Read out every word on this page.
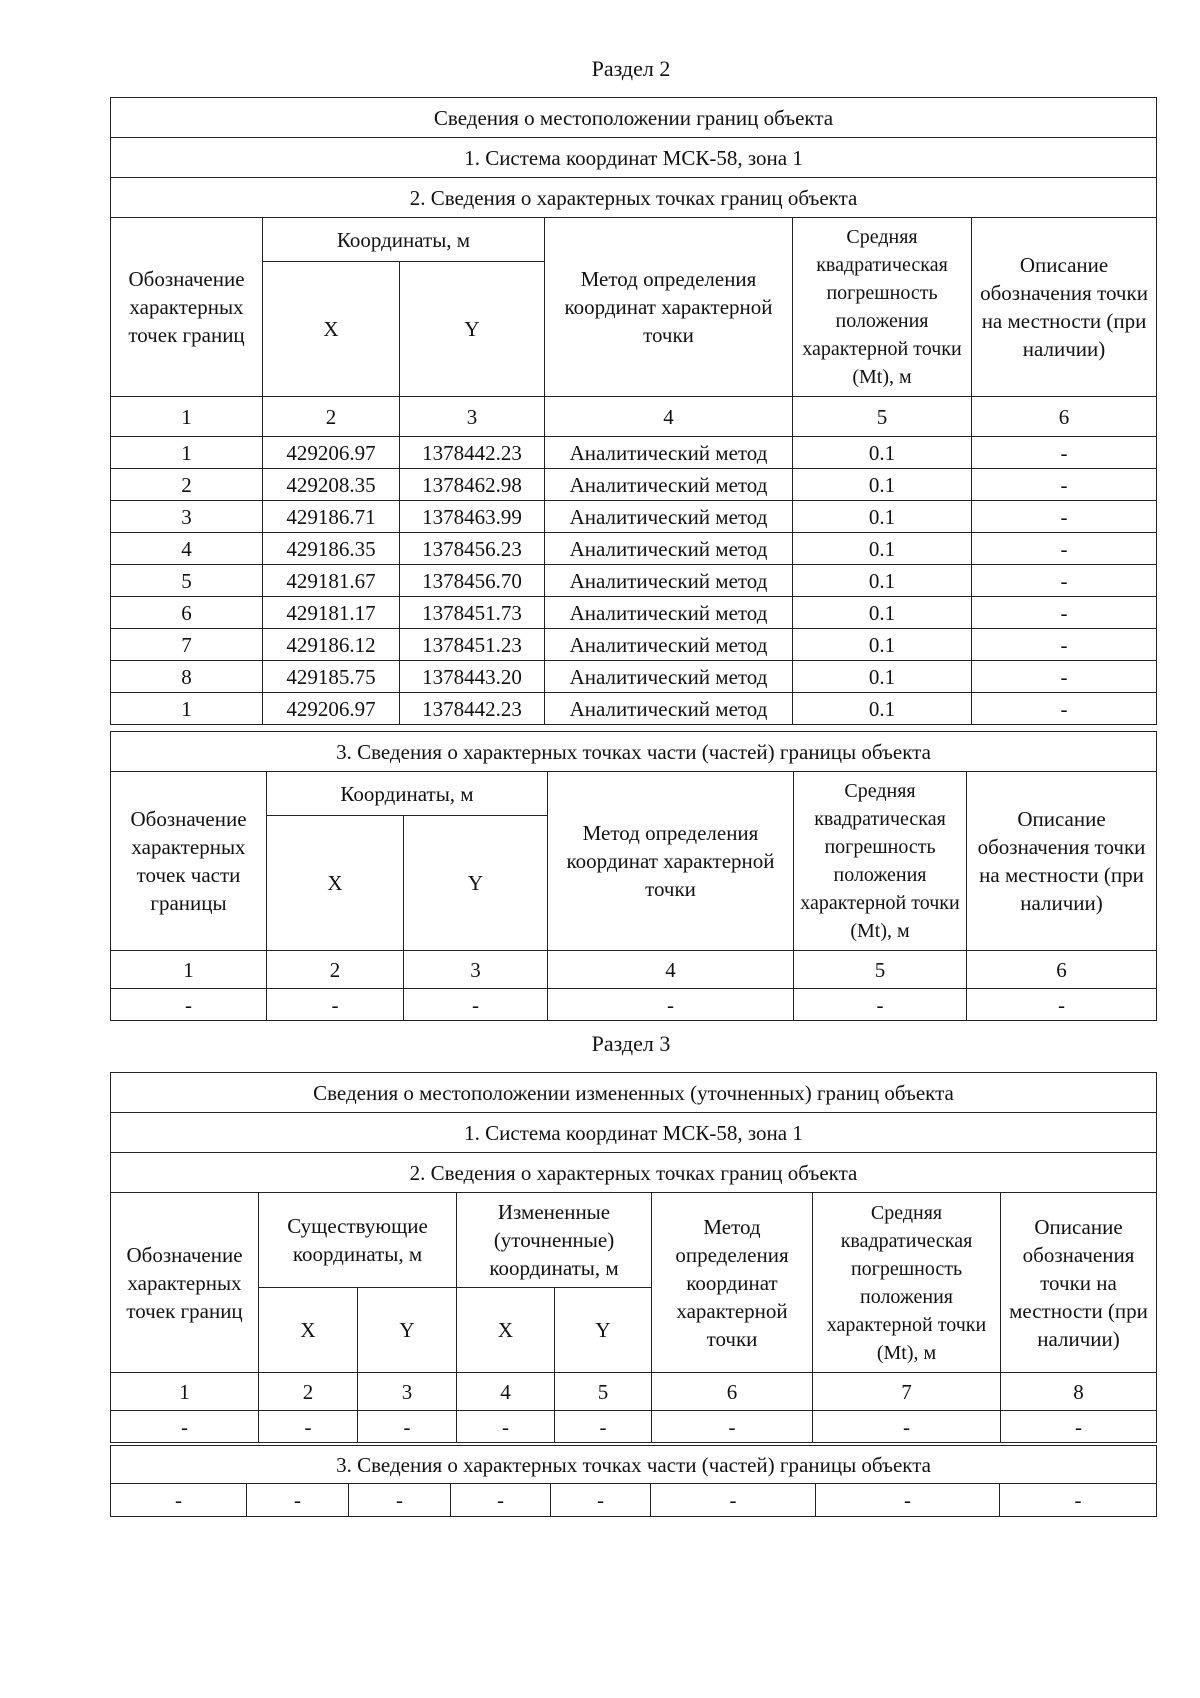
Раздел 2
Сведения о местоположении границ объекта					
1. Система координат МСК-58, зона 1					
2. Сведения о характерных точках границ объекта					
Обозначение характерных точек границ	Координаты, м		Метод определения координат характерной точки	Средняя квадратическая погрешность положения характерной точки (Mt), м	Описание обозначения точки на местности (при наличии)
	X	Y			
1	2	3	4	5	6
1	429206.97	1378442.23	Аналитический метод	0.1	-
2	429208.35	1378462.98	Аналитический метод	0.1	-
3	429186.71	1378463.99	Аналитический метод	0.1	-
4	429186.35	1378456.23	Аналитический метод	0.1	-
5	429181.67	1378456.70	Аналитический метод	0.1	-
6	429181.17	1378451.73	Аналитический метод	0.1	-
7	429186.12	1378451.23	Аналитический метод	0.1	-
8	429185.75	1378443.20	Аналитический метод	0.1	-
1	429206.97	1378442.23	Аналитический метод	0.1	-
3. Сведения о характерных точках части (частей) границы объекта					
Обозначение характерных точек части границы	Координаты, м		Метод определения координат характерной точки	Средняя квадратическая погрешность положения характерной точки (Mt), м	Описание обозначения точки на местности (при наличии)
	X	Y			
1	2	3	4	5	6
-	-	-	-	-	-
Раздел 3
Сведения о местоположении измененных (уточненных) границ объекта							
1. Система координат МСК-58, зона 1							
2. Сведения о характерных точках границ объекта							
Обозначение характерных точек границ	Существующие координаты, м		Измененные (уточненные) координаты, м		Метод определения координат характерной точки	Средняя квадратическая погрешность положения характерной точки (Mt), м	Описание обозначения точки на местности (при наличии)
	X	Y	X	Y			
1	2	3	4	5	6	7	8
-	-	-	-	-	-	-	-
3. Сведения о характерных точках части (частей) границы объекта
-	-	-	-	-	-	-	-
